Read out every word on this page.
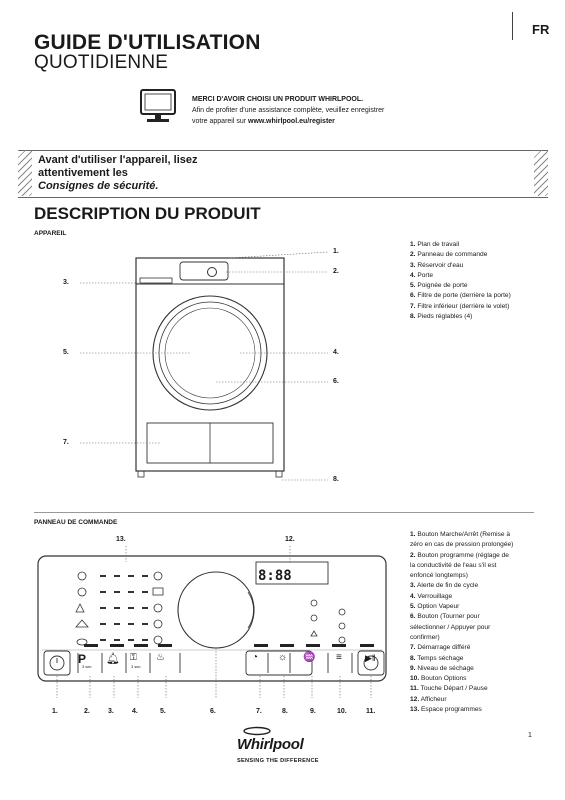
FR
GUIDE D'UTILISATION
QUOTIDIENNE
MERCI D'AVOIR CHOISI UN PRODUIT WHIRLPOOL.
Afin de profiter d'une assistance complète, veuillez enregistrer
votre appareil sur www.whirlpool.eu/register
Avant d'utiliser l'appareil, lisez
attentivement les
Consignes de sécurité.
DESCRIPTION DU PRODUIT
APPAREIL
1.
2.
3.
4.
5.
6.
7.
8.
1. Plan de travail
2. Panneau de commande
3. Réservoir d'eau
4. Porte
5. Poignée de porte
6. Filtre de porte (derrière la porte)
7. Filtre inférieur (derrière le volet)
8. Pieds réglables (4)
PANNEAU DE COMMANDE
8:88
13.	12.
P
3 sec
🔔︎ ⚿
3 sec
♨	◔ ☼ ♒ ≡	▶‖
1.	2.	3.	4.	5.	6.	7.	8.	9.	10.	11.
1. Bouton Marche/Arrêt (Remise à
zéro en cas de pression prolongée)
2. Bouton programme (réglage de
la conductivité de l'eau s'il est
enfoncé longtemps)
3. Alerte de fin de cycle
4. Verrouillage
5. Option Vapeur
6. Bouton (Tourner pour
sélectionner / Appuyer pour
confirmer)
7. Démarrage différé
8. Temps séchage
9. Niveau de séchage
10. Bouton Options
11. Touche Départ / Pause
12. Afficheur
13. Espace programmes
1
Whirlpool
SENSING THE DIFFERENCE
